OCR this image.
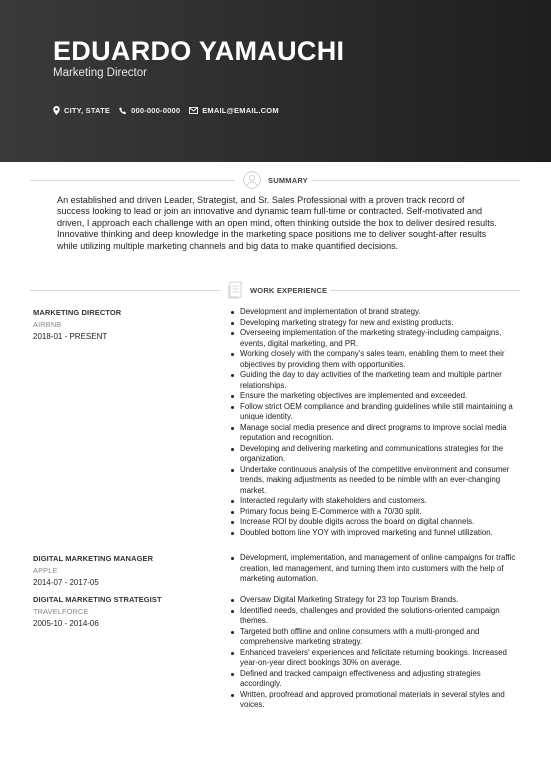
EDUARDO YAMAUCHI
Marketing Director
CITY, STATE	000-000-0000	EMAIL@EMAIL.COM
SUMMARY
An established and driven Leader, Strategist, and Sr. Sales Professional with a proven track record of success looking to lead or join an innovative and dynamic team full-time or contracted. Self-motivated and driven, I approach each challenge with an open mind, often thinking outside the box to deliver desired results. Innovative thinking and deep knowledge in the marketing space positions me to deliver sought-after results while utilizing multiple marketing channels and big data to make quantified decisions.
WORK EXPERIENCE
MARKETING DIRECTOR
AIRBNB
2018-01 - PRESENT
Development and implementation of brand strategy.
Developing marketing strategy for new and existing products.
Overseeing implementation of the marketing strategy-including campaigns, events, digital marketing, and PR.
Working closely with the company's sales team, enabling them to meet their objectives by providing them with opportunities.
Guiding the day to day activities of the marketing team and multiple partner relationships.
Ensure the marketing objectives are implemented and exceeded.
Follow strict OEM compliance and branding guidelines while still maintaining a unique identity.
Manage social media presence and direct programs to improve social media reputation and recognition.
Developing and delivering marketing and communications strategies for the organization.
Undertake continuous analysis of the competitive environment and consumer trends, making adjustments as needed to be nimble with an ever-changing market.
Interacted regularly with stakeholders and customers.
Primary focus being E-Commerce with a 70/30 split.
Increase ROI by double digits across the board on digital channels.
Doubled bottom line YOY with improved marketing and funnel utilization.
DIGITAL MARKETING MANAGER
APPLE
2014-07 - 2017-05
Development, implementation, and management of online campaigns for traffic creation, led management, and turning them into customers with the help of marketing automation.
DIGITAL MARKETING STRATEGIST
TRAVELFORCE
2005-10 - 2014-06
Oversaw Digital Marketing Strategy for 23 top Tourism Brands.
Identified needs, challenges and provided the solutions-oriented campaign themes.
Targeted both offline and online consumers with a multi-pronged and comprehensive marketing strategy.
Enhanced travelers' experiences and felicitate returning bookings. Increased year-on-year direct bookings 30% on average.
Defined and tracked campaign effectiveness and adjusting strategies accordingly.
Written, proofread and approved promotional materials in several styles and voices.
